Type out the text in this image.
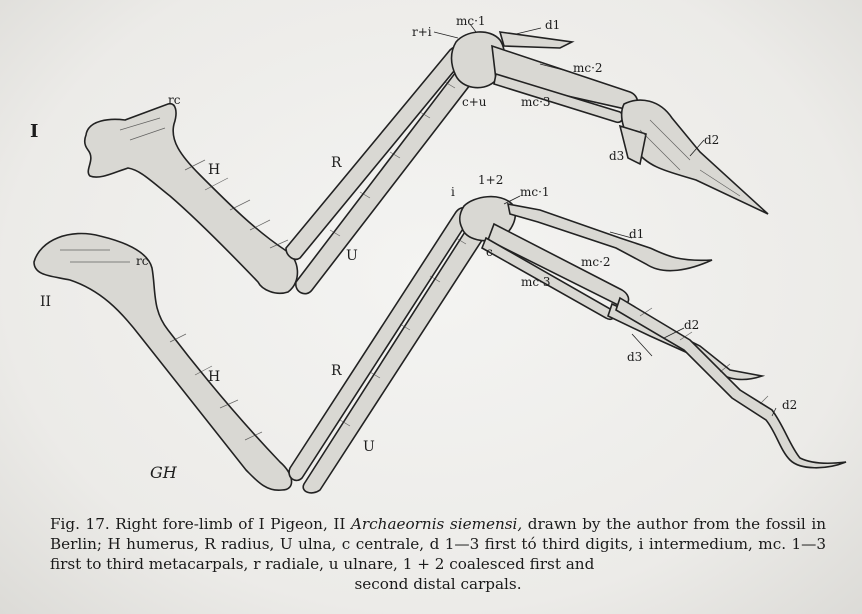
I
rc
H	R
U
r+i
mc·1	d1
mc·2
c+u	mc·3
d2
d3
II
rc
H	R
U
i
1+2
mc·1
c
d1
mc·2
mc·3
d2
d3
d2
GH
Fig. 17. Right fore-limb of I Pigeon, II Archaeornis siemensi, drawn by the author from the fossil in Berlin; H humerus, R radius, U ulna, c centrale, d 1—3 first tó third digits, i intermedium, mc. 1—3 first to third metacarpals, r radiale, u ulnare, 1 + 2 coalesced first and
second distal carpals.
